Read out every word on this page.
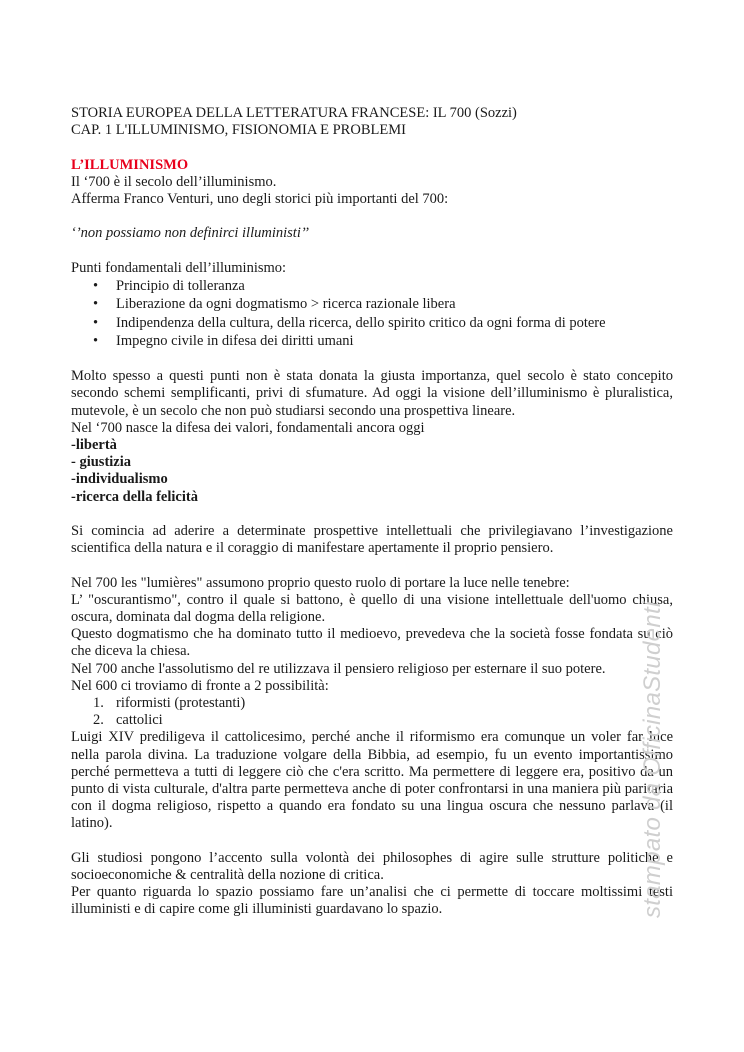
STORIA EUROPEA DELLA LETTERATURA FRANCESE: IL 700 (Sozzi)
CAP. 1 L'ILLUMINISMO, FISIONOMIA E PROBLEMI
L’ILLUMINISMO
Il ‘700 è il secolo dell’illuminismo.
Afferma Franco Venturi, uno degli storici più importanti del 700:
‘’non possiamo non definirci illuministi’’
Punti fondamentali dell’illuminismo:
• Principio di tolleranza
• Liberazione da ogni dogmatismo > ricerca razionale libera
• Indipendenza della cultura, della ricerca, dello spirito critico da ogni forma di potere
• Impegno civile in difesa dei diritti umani
Molto spesso a questi punti non è stata donata la giusta importanza, quel secolo è stato concepito secondo schemi semplificanti, privi di sfumature. Ad oggi la visione dell’illuminismo è pluralistica, mutevole, è un secolo che non può studiarsi secondo una prospettiva lineare.
Nel ‘700 nasce la difesa dei valori, fondamentali ancora oggi
-libertà
- giustizia
-individualismo
-ricerca della felicità
Si comincia ad aderire a determinate prospettive intellettuali che privilegiavano l’investigazione scientifica della natura e il coraggio di manifestare apertamente il proprio pensiero.
Nel 700 les "lumières" assumono proprio questo ruolo di portare la luce nelle tenebre:
L’ "oscurantismo", contro il quale si battono, è quello di una visione intellettuale dell'uomo chiusa, oscura, dominata dal dogma della religione.
Questo dogmatismo che ha dominato tutto il medioevo, prevedeva che la società fosse fondata su ciò che diceva la chiesa.
Nel 700 anche l'assolutismo del re utilizzava il pensiero religioso per esternare il suo potere.
Nel 600 ci troviamo di fronte a 2 possibilità:
1. riformisti (protestanti)
2. cattolici
Luigi XIV prediligeva il cattolicesimo, perché anche il riformismo era comunque un voler far luce nella parola divina. La traduzione volgare della Bibbia, ad esempio, fu un evento importantissimo perché permetteva a tutti di leggere ciò che c'era scritto. Ma permettere di leggere era, positivo da un punto di vista culturale, d'altra parte permetteva anche di poter confrontarsi in una maniera più paritaria con il dogma religioso, rispetto a quando era fondato su una lingua oscura che nessuno parlava (il latino).
Gli studiosi pongono l’accento sulla volontà dei philosophes di agire sulle strutture politiche e socioeconomiche & centralità della nozione di critica.
Per quanto riguarda lo spazio possiamo fare un’analisi che ci permette di toccare moltissimi testi illuministi e di capire come gli illuministi guardavano lo spazio.	stampato da OfficinaStudenti
